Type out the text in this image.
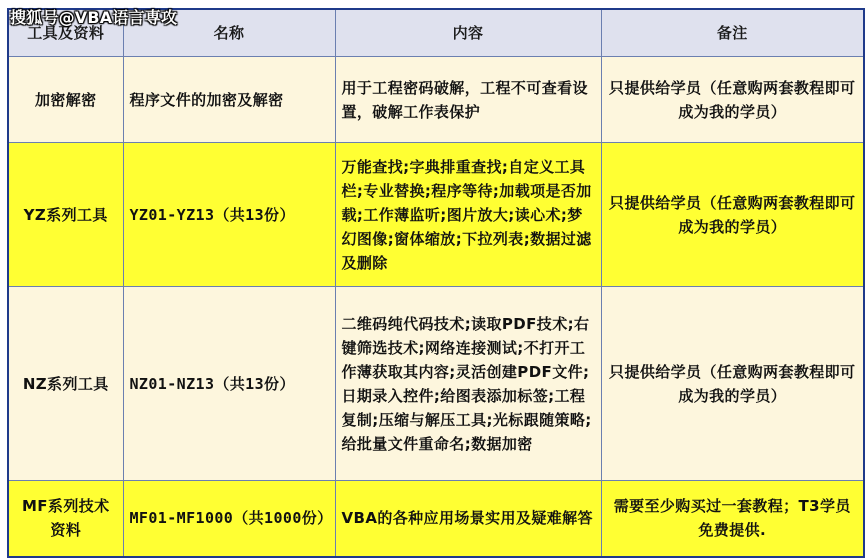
工具及资料	名称	内容	备注
加密解密	程序文件的加密及解密	用于工程密码破解，工程不可查看设置，破解工作表保护	只提供给学员（任意购两套教程即可成为我的学员）
YZ系列工具	YZ01-YZ13（共13份）	万能查找;字典排重查找;自定义工具栏;专业替换;程序等待;加载项是否加载;工作薄监听;图片放大;读心术;梦幻图像;窗体缩放;下拉列表;数据过滤及删除	只提供给学员（任意购两套教程即可成为我的学员）
NZ系列工具	NZ01-NZ13（共13份）	二维码纯代码技术;读取PDF技术;右键筛选技术;网络连接测试;不打开工作薄获取其内容;灵活创建PDF文件;日期录入控件;给图表添加标签;工程复制;压缩与解压工具;光标跟随策略;给批量文件重命名;数据加密	只提供给学员（任意购两套教程即可成为我的学员）
MF系列技术资料	MF01-MF1000（共1000份）	VBA的各种应用场景实用及疑难解答	需要至少购买过一套教程；T3学员免费提供.
搜狐号@VBA语言専攻
